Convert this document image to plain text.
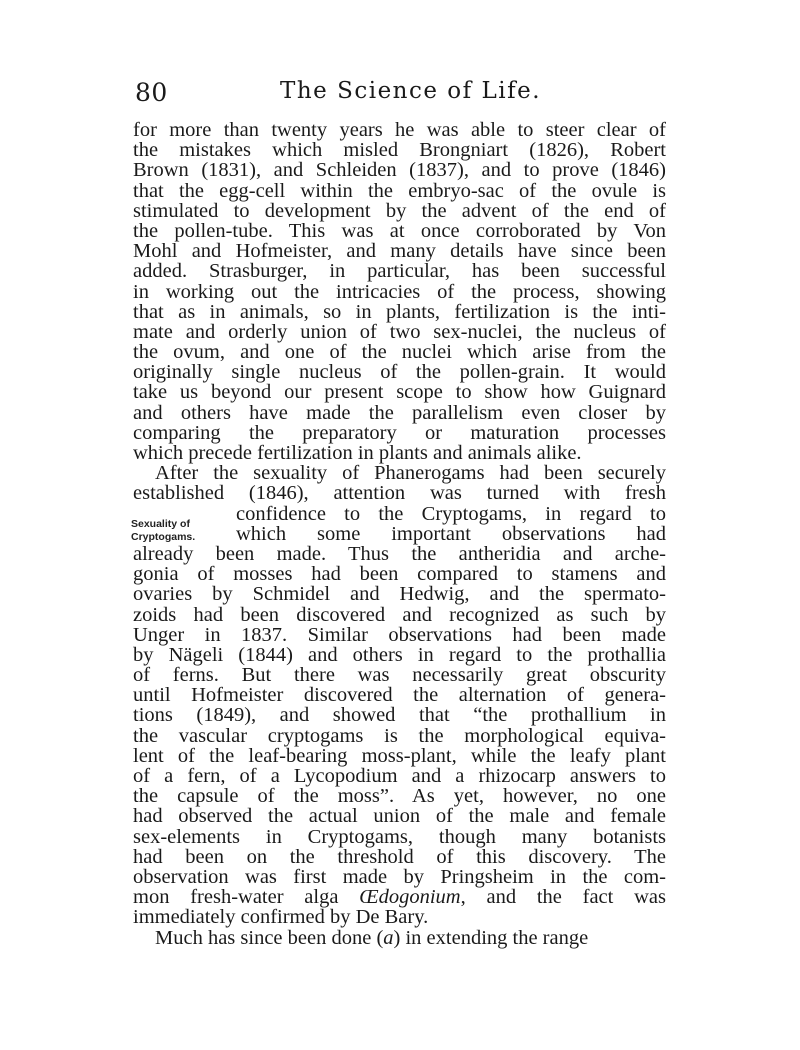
80	The Science of Life.
Sexuality of
Cryptogams.
for more than twenty years he was able to steer clear of
the mistakes which misled Brongniart (1826), Robert
Brown (1831), and Schleiden (1837), and to prove (1846)
that the egg-cell within the embryo-sac of the ovule is
stimulated to development by the advent of the end of
the pollen-tube. This was at once corroborated by Von
Mohl and Hofmeister, and many details have since been
added. Strasburger, in particular, has been successful
in working out the intricacies of the process, showing
that as in animals, so in plants, fertilization is the inti-
mate and orderly union of two sex-nuclei, the nucleus of
the ovum, and one of the nuclei which arise from the
originally single nucleus of the pollen-grain. It would
take us beyond our present scope to show how Guignard
and others have made the parallelism even closer by
comparing the preparatory or maturation processes
which precede fertilization in plants and animals alike.
After the sexuality of Phanerogams had been securely
established (1846), attention was turned with fresh
confidence to the Cryptogams, in regard to
which some important observations had
already been made. Thus the antheridia and arche-
gonia of mosses had been compared to stamens and
ovaries by Schmidel and Hedwig, and the spermato-
zoids had been discovered and recognized as such by
Unger in 1837. Similar observations had been made
by Nägeli (1844) and others in regard to the prothallia
of ferns. But there was necessarily great obscurity
until Hofmeister discovered the alternation of genera-
tions (1849), and showed that “the prothallium in
the vascular cryptogams is the morphological equiva-
lent of the leaf-bearing moss-plant, while the leafy plant
of a fern, of a Lycopodium and a rhizocarp answers to
the capsule of the moss”. As yet, however, no one
had observed the actual union of the male and female
sex-elements in Cryptogams, though many botanists
had been on the threshold of this discovery. The
observation was first made by Pringsheim in the com-
mon fresh-water alga Œdogonium, and the fact was
immediately confirmed by De Bary.
Much has since been done (a) in extending the range
